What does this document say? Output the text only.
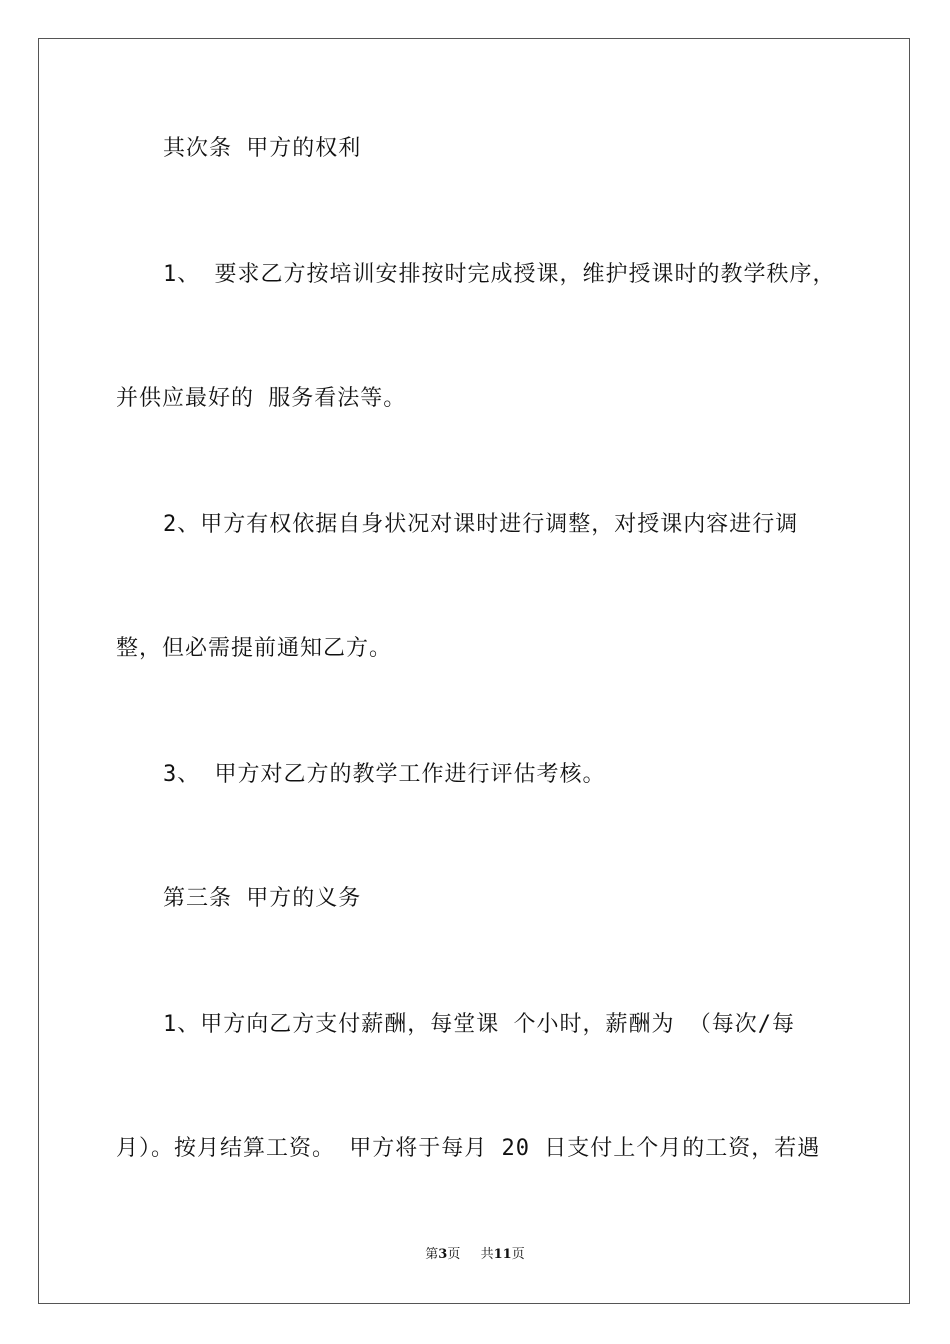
其次条 甲方的权利
1、 要求乙方按培训安排按时完成授课，维护授课时的教学秩序，
并供应最好的 服务看法等。
2、甲方有权依据自身状况对课时进行调整，对授课内容进行调
整，但必需提前通知乙方。
3、 甲方对乙方的教学工作进行评估考核。
第三条 甲方的义务
1、甲方向乙方支付薪酬，每堂课 个小时，薪酬为 （每次/每
月）。按月结算工资。 甲方将于每月 20 日支付上个月的工资，若遇
第3页 共11页
